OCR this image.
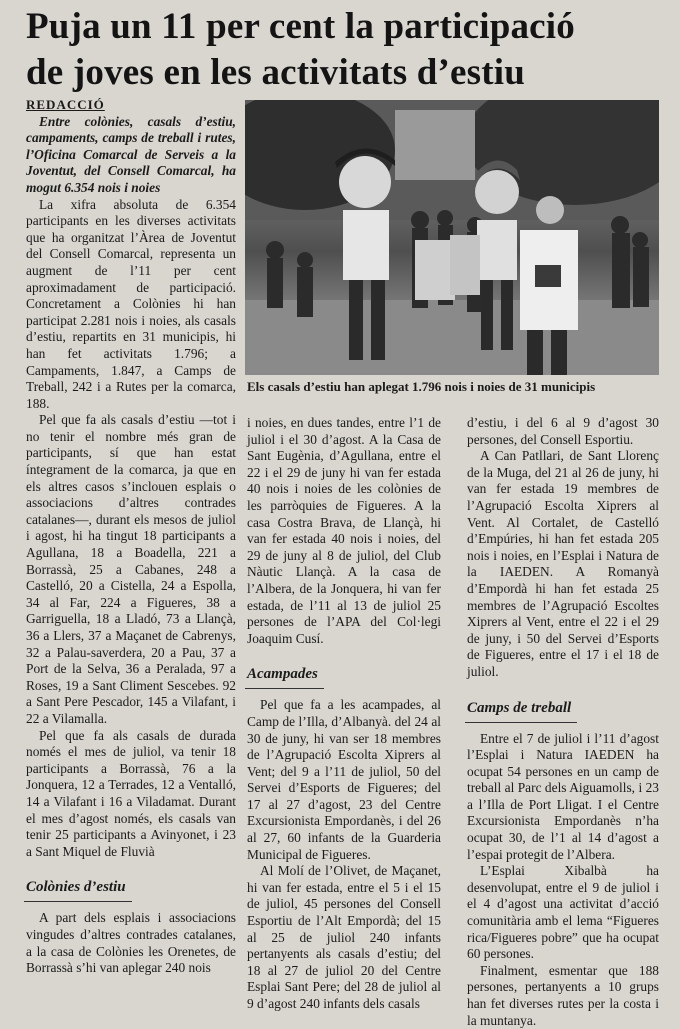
Puja un 11 per cent la participació
de joves en les activitats d’estiu

REDACCIÓ

Entre colònies, casals d’estiu, campaments, camps de treball i rutes, l’Oficina Comarcal de Serveis a la Joventut, del Consell Comarcal, ha mogut 6.354 nois i noies

La xifra absoluta de 6.354 participants en les diverses activitats que ha organitzat l’Àrea de Joventut del Consell Comarcal, representa un augment de l’11 per cent aproximadament de participació. Concretament a Colònies hi han participat 2.281 nois i noies, als casals d’estiu, repartits en 31 municipis, hi han fet activitats 1.796; a Campaments, 1.847, a Camps de Treball, 242 i a Rutes per la comarca, 188.

Pel que fa als casals d’estiu —tot i no tenir el nombre més gran de participants, sí que han estat íntegrament de la comarca, ja que en els altres casos s’inclouen esplais o associacions d’altres contrades catalanes—, durant els mesos de juliol i agost, hi ha tingut 18 participants a Agullana, 18 a Boadella, 221 a Borrassà, 25 a Cabanes, 248 a Castelló, 20 a Cistella, 24 a Espolla, 34 al Far, 224 a Figueres, 38 a Garriguella, 18 a Lladó, 73 a Llançà, 36 a Llers, 37 a Maçanet de Cabrenys, 32 a Palau-saverdera, 20 a Pau, 37 a Port de la Selva, 36 a Peralada, 97 a Roses, 19 a Sant Climent Sescebes. 92 a Sant Pere Pescador, 145 a Vilafant, i 22 a Vilamalla.

Pel que fa als casals de durada només el mes de juliol, va tenir 18 participants a Borrassà, 76 a la Jonquera, 12 a Terrades, 12 a Ventalló, 14 a Vilafant i 16 a Viladamat. Durant el mes d’agost només, els casals van tenir 25 participants a Avinyonet, i 23 a Sant Miquel de Fluvià

Colònies d’estiu

A part dels esplais i associacions vingudes d’altres contrades catalanes, a la casa de Colònies les Orenetes, de Borrassà s’hi van aplegar 240 nois

Els casals d’estiu han aplegat 1.796 nois i noies de 31 municipis

i noies, en dues tandes, entre l’1 de juliol i el 30 d’agost. A la Casa de Sant Eugènia, d’Agullana, entre el 22 i el 29 de juny hi van fer estada 40 nois i noies de les colònies de les parròquies de Figueres. A la casa Costra Brava, de Llançà, hi van fer estada 40 nois i noies, del 29 de juny al 8 de juliol, del Club Nàutic Llançà. A la casa de l’Albera, de la Jonquera, hi van fer estada, de l’11 al 13 de juliol 25 persones de l’APA del Col·legi Joaquim Cusí.

Acampades

Pel que fa a les acampades, al Camp de l’Illa, d’Albanyà. del 24 al 30 de juny, hi van ser 18 membres de l’Agrupació Escolta Xiprers al Vent; del 9 a l’11 de juliol, 50 del Servei d’Esports de Figueres; del 17 al 27 d’agost, 23 del Centre Excursionista Empordanès, i del 26 al 27, 60 infants de la Guarderia Municipal de Figueres.

Al Molí de l’Olivet, de Maçanet, hi van fer estada, entre el 5 i el 15 de juliol, 45 persones del Consell Esportiu de l’Alt Empordà; del 15 al 25 de juliol 240 infants pertanyents als casals d’estiu; del 18 al 27 de juliol 20 del Centre Esplai Sant Pere; del 28 de juliol al 9 d’agost 240 infants dels casals

d’estiu, i del 6 al 9 d’agost 30 persones, del Consell Esportiu.

A Can Patllari, de Sant Llorenç de la Muga, del 21 al 26 de juny, hi van fer estada 19 membres de l’Agrupació Escolta Xiprers al Vent. Al Cortalet, de Castelló d’Empúries, hi han fet estada 205 nois i noies, en l’Esplai i Natura de la IAEDEN. A Romanyà d’Empordà hi han fet estada 25 membres de l’Agrupació Escoltes Xiprers al Vent, entre el 22 i el 29 de juny, i 50 del Servei d’Esports de Figueres, entre el 17 i el 18 de juliol.

Camps de treball

Entre el 7 de juliol i l’11 d’agost l’Esplai i Natura IAEDEN ha ocupat 54 persones en un camp de treball al Parc dels Aiguamolls, i 23 a l’Illa de Port Lligat. I el Centre Excursionista Empordanès n’ha ocupat 30, de l’1 al 14 d’agost a l’espai protegit de l’Albera.

L’Esplai Xibalbà ha desenvolupat, entre el 9 de juliol i el 4 d’agost una activitat d’acció comunitària amb el lema “Figueres rica/Figueres pobre” que ha ocupat 60 persones.

Finalment, esmentar que 188 persones, pertanyents a 10 grups han fet diverses rutes per la costa i la muntanya.
